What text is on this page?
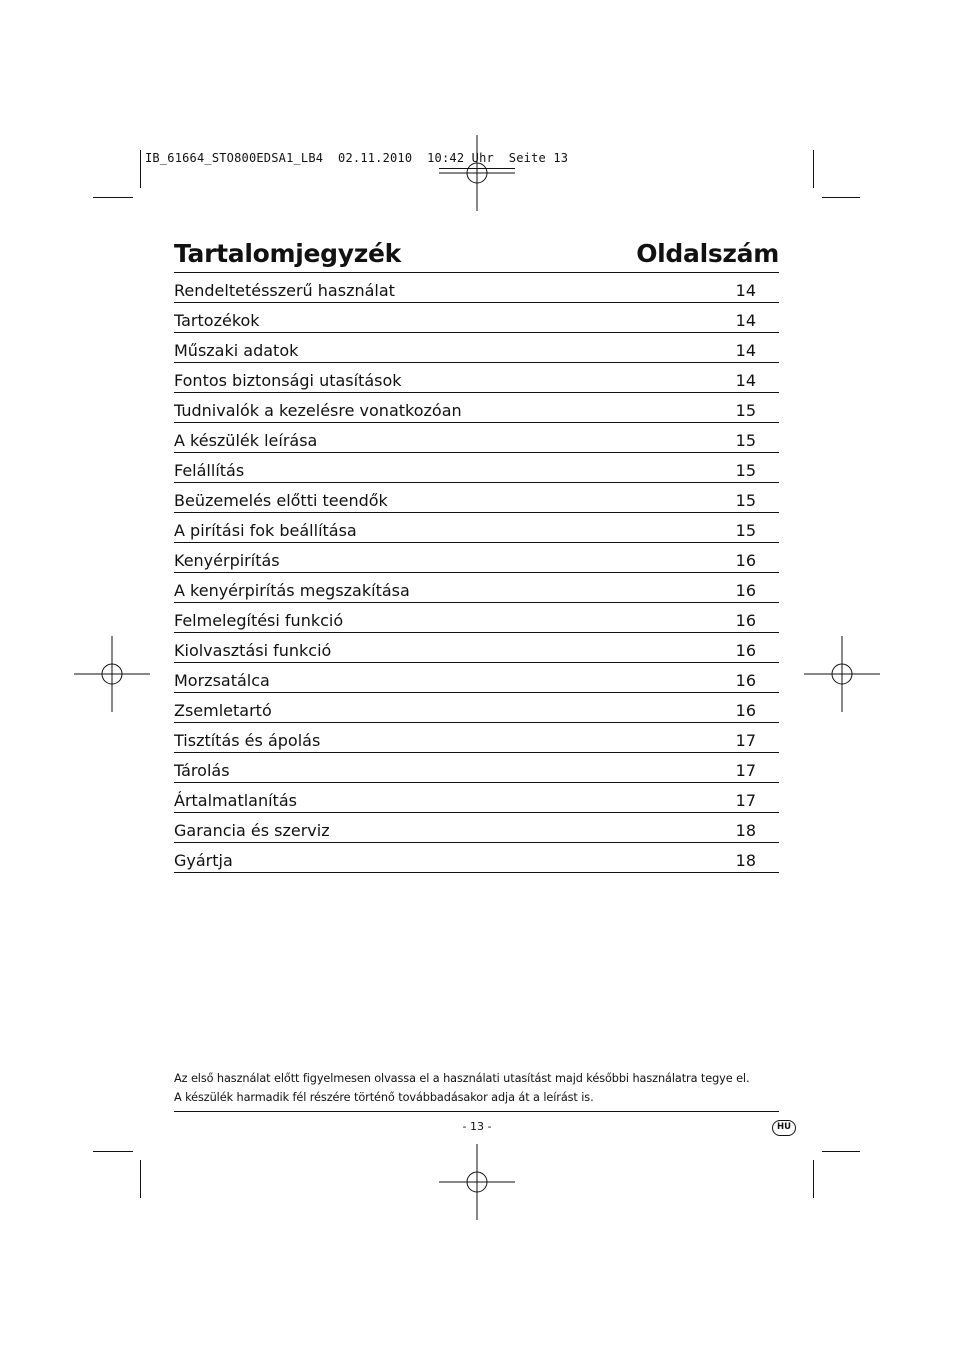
IB_61664_STO800EDSA1_LB4  02.11.2010  10:42 Uhr  Seite 13
Tartalomjegyzék	Oldalszám
Rendeltetésszerű használat	14
Tartozékok	14
Műszaki adatok	14
Fontos biztonsági utasítások	14
Tudnivalók a kezelésre vonatkozóan	15
A készülék leírása	15
Felállítás	15
Beüzemelés előtti teendők	15
A pirítási fok beállítása	15
Kenyérpirítás	16
A kenyérpirítás megszakítása	16
Felmelegítési funkció	16
Kiolvasztási funkció	16
Morzsatálca	16
Zsemletartó	16
Tisztítás és ápolás	17
Tárolás	17
Ártalmatlanítás	17
Garancia és szerviz	18
Gyártja	18
Az első használat előtt figyelmesen olvassa el a használati utasítást majd későbbi használatra tegye el.
A készülék harmadik fél részére történő továbbadásakor adja át a leírást is.
- 13 -	HU
